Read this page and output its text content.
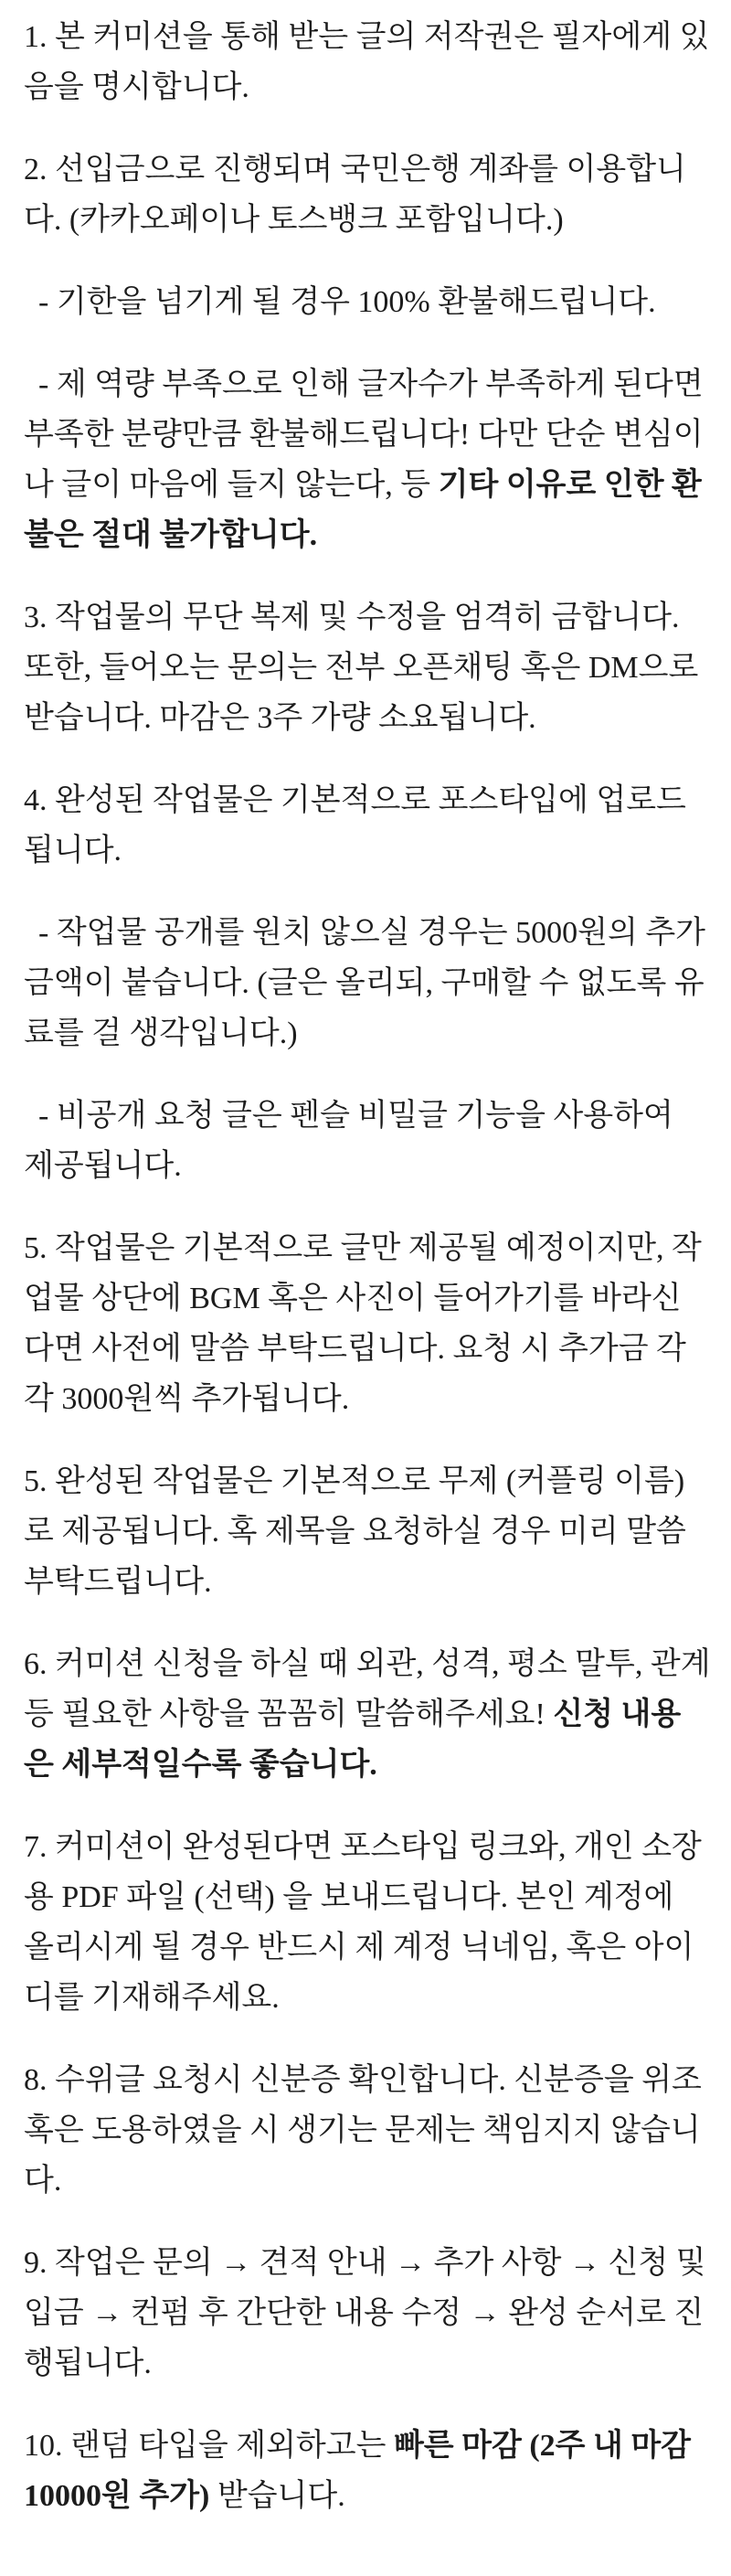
1. 본 커미션을 통해 받는 글의 저작권은 필자에게 있음을 명시합니다.

2. 선입금으로 진행되며 국민은행 계좌를 이용합니다. (카카오페이나 토스뱅크 포함입니다.)

- 기한을 넘기게 될 경우 100% 환불해드립니다.

- 제 역량 부족으로 인해 글자수가 부족하게 된다면 부족한 분량만큼 환불해드립니다! 다만 단순 변심이나 글이 마음에 들지 않는다, 등 기타 이유로 인한 환불은 절대 불가합니다.

3. 작업물의 무단 복제 및 수정을 엄격히 금합니다. 또한, 들어오는 문의는 전부 오픈채팅 혹은 DM으로 받습니다. 마감은 3주 가량 소요됩니다.

4. 완성된 작업물은 기본적으로 포스타입에 업로드 됩니다.

- 작업물 공개를 원치 않으실 경우는 5000원의 추가 금액이 붙습니다. (글은 올리되, 구매할 수 없도록 유료를 걸 생각입니다.)

- 비공개 요청 글은 펜슬 비밀글 기능을 사용하여 제공됩니다.

5. 작업물은 기본적으로 글만 제공될 예정이지만, 작업물 상단에 BGM 혹은 사진이 들어가기를 바라신다면 사전에 말씀 부탁드립니다. 요청 시 추가금 각각 3000원씩 추가됩니다.

5. 완성된 작업물은 기본적으로 무제 (커플링 이름) 로 제공됩니다. 혹 제목을 요청하실 경우 미리 말씀 부탁드립니다.

6. 커미션 신청을 하실 때 외관, 성격, 평소 말투, 관계 등 필요한 사항을 꼼꼼히 말씀해주세요! 신청 내용은 세부적일수록 좋습니다.

7. 커미션이 완성된다면 포스타입 링크와, 개인 소장용 PDF 파일 (선택) 을 보내드립니다. 본인 계정에 올리시게 될 경우 반드시 제 계정 닉네임, 혹은 아이디를 기재해주세요.

8. 수위글 요청시 신분증 확인합니다. 신분증을 위조 혹은 도용하였을 시 생기는 문제는 책임지지 않습니다.

9. 작업은 문의 → 견적 안내 → 추가 사항 → 신청 및 입금 → 컨펌 후 간단한 내용 수정 → 완성 순서로 진행됩니다.

10. 랜덤 타입을 제외하고는 빠른 마감 (2주 내 마감 10000원 추가) 받습니다.
